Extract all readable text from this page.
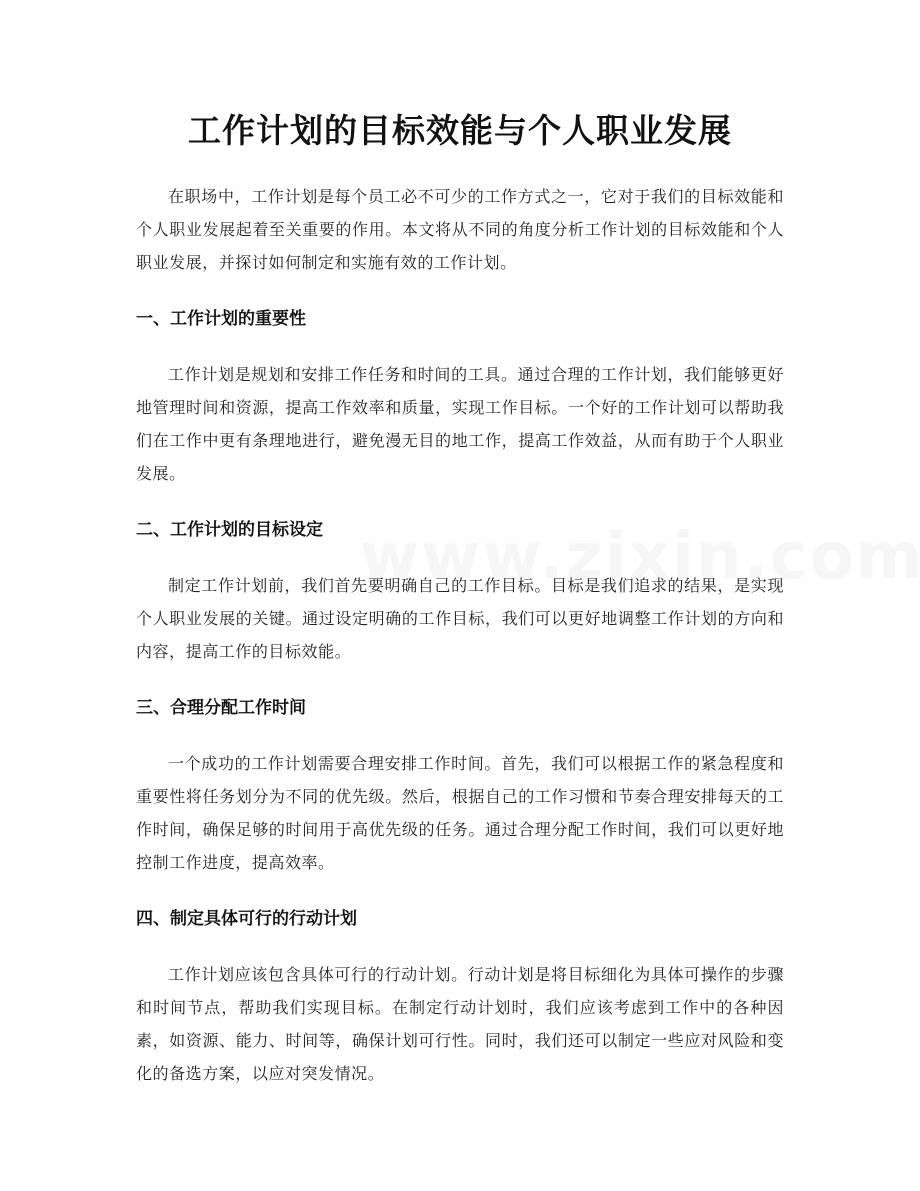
工作计划的目标效能与个人职业发展

在职场中，工作计划是每个员工必不可少的工作方式之一，它对于我们的目标效能和个人职业发展起着至关重要的作用。本文将从不同的角度分析工作计划的目标效能和个人职业发展，并探讨如何制定和实施有效的工作计划。

一、工作计划的重要性

工作计划是规划和安排工作任务和时间的工具。通过合理的工作计划，我们能够更好地管理时间和资源，提高工作效率和质量，实现工作目标。一个好的工作计划可以帮助我们在工作中更有条理地进行，避免漫无目的地工作，提高工作效益，从而有助于个人职业发展。

二、工作计划的目标设定

制定工作计划前，我们首先要明确自己的工作目标。目标是我们追求的结果，是实现个人职业发展的关键。通过设定明确的工作目标，我们可以更好地调整工作计划的方向和内容，提高工作的目标效能。

三、合理分配工作时间

一个成功的工作计划需要合理安排工作时间。首先，我们可以根据工作的紧急程度和重要性将任务划分为不同的优先级。然后，根据自己的工作习惯和节奏合理安排每天的工作时间，确保足够的时间用于高优先级的任务。通过合理分配工作时间，我们可以更好地控制工作进度，提高效率。

四、制定具体可行的行动计划

工作计划应该包含具体可行的行动计划。行动计划是将目标细化为具体可操作的步骤和时间节点，帮助我们实现目标。在制定行动计划时，我们应该考虑到工作中的各种因素，如资源、能力、时间等，确保计划可行性。同时，我们还可以制定一些应对风险和变化的备选方案，以应对突发情况。
